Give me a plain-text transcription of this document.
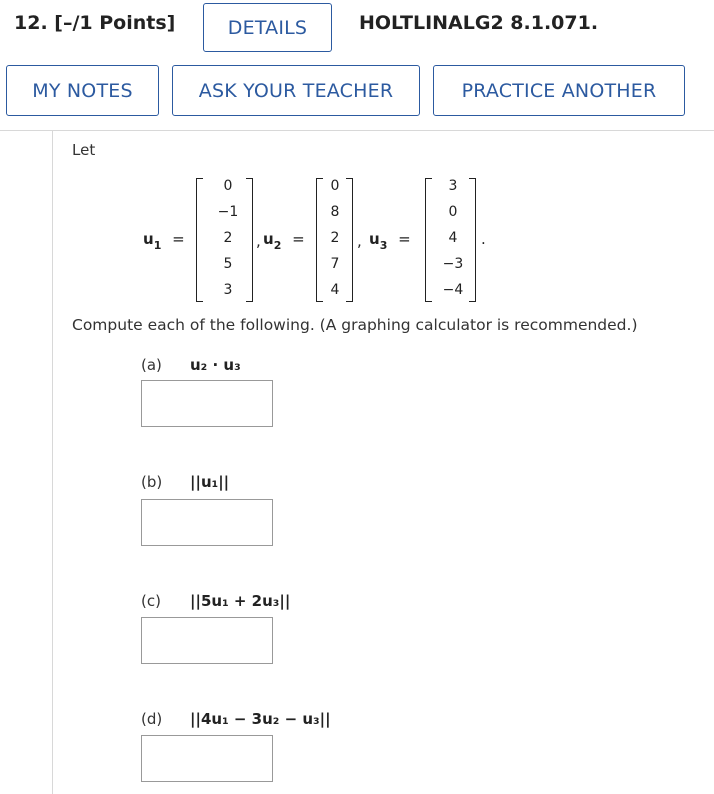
12. [–/1 Points]	DETAILS	HOLTLINALG2 8.1.071.
MY NOTES	ASK YOUR TEACHER	PRACTICE ANOTHER
Let
$u_1$ =
0
−1
2
5
3
, $u_2$ =
0
8
2
7
4
, $u_3$ =
3
0
4
−3
−4
.
Compute each of the following. (A graphing calculator is recommended.)
(a) u₂ · u₃
(b) ||u₁||
(c) ||5u₁ + 2u₃||
(d) ||4u₁ − 3u₂ − u₃||
